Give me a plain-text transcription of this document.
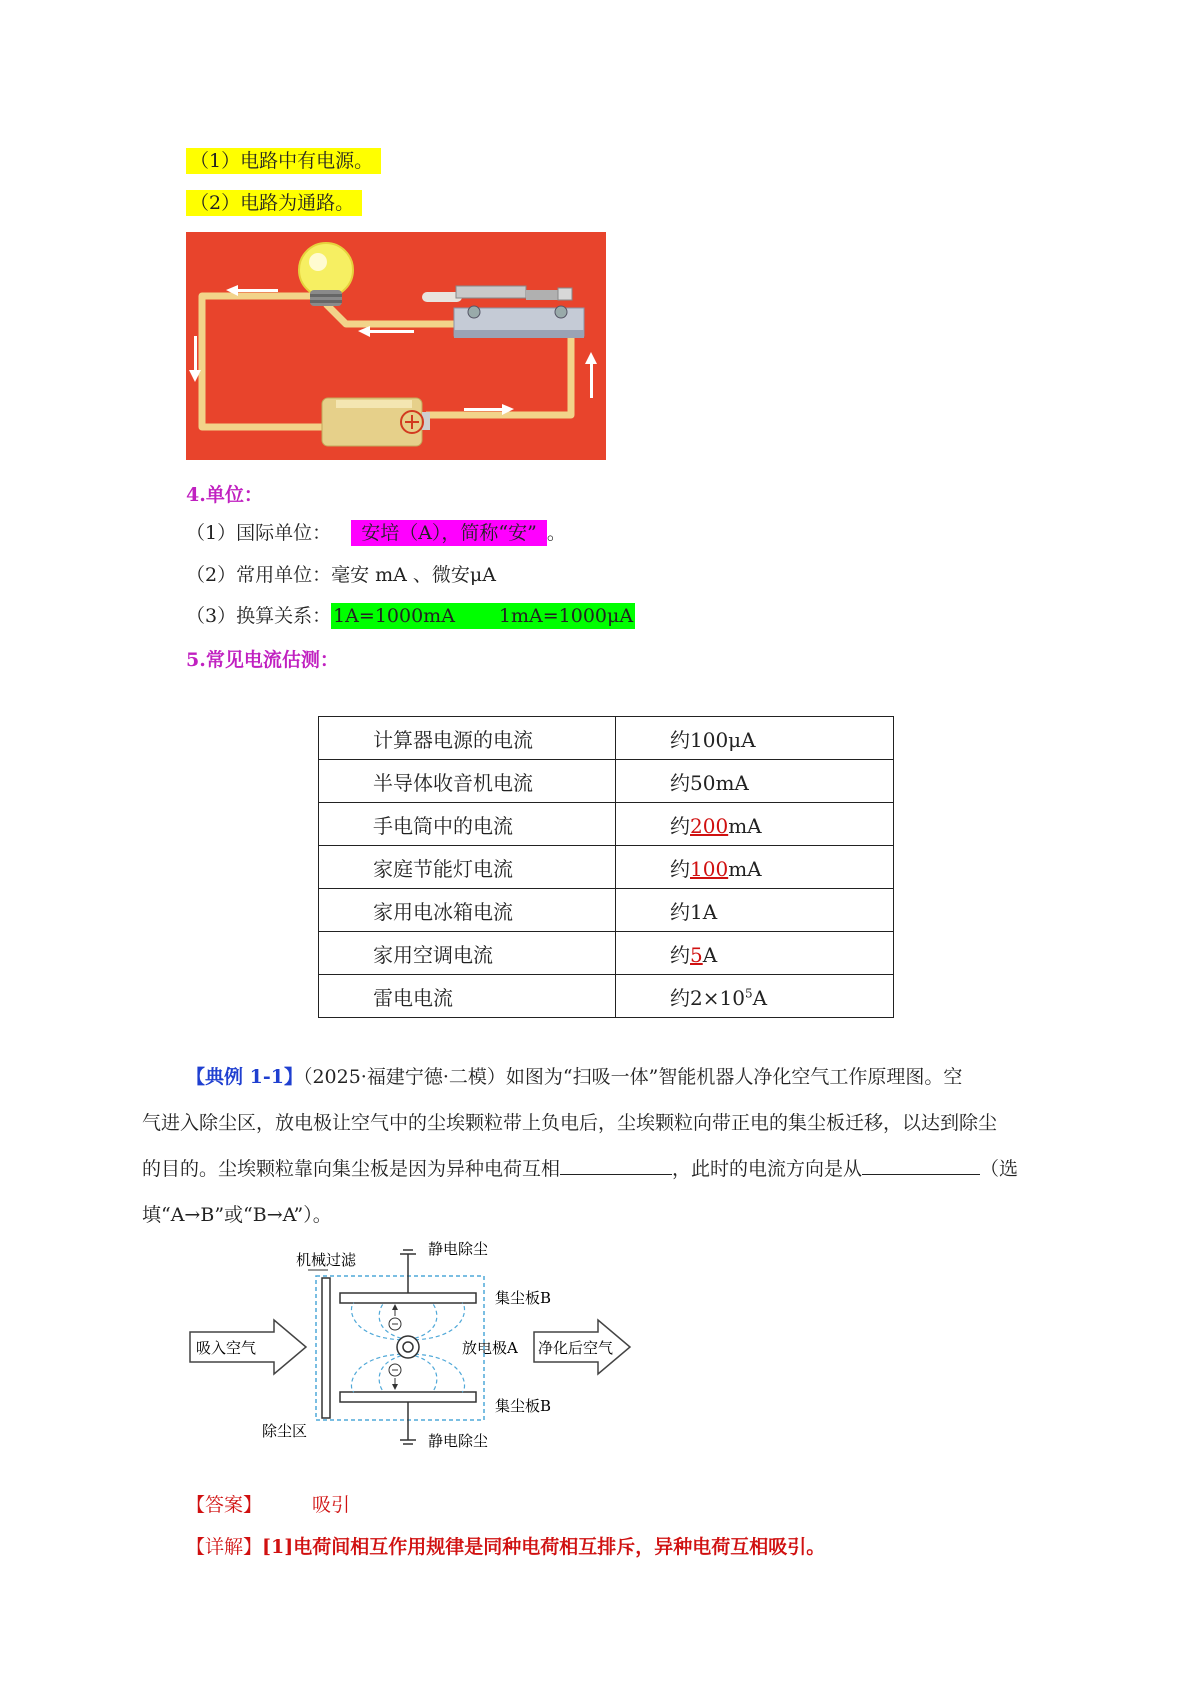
（1）电路中有电源。
（2）电路为通路。
4.单位：
（1）国际单位： 安培（A），简称“安” 。
（2）常用单位：毫安 mA 、微安μA
（3）换算关系： 1A=1000mA 1mA=1000μA
5.常见电流估测：
计算器电源的电流	约100μA
半导体收音机电流	约50mA
手电筒中的电流	约200mA
家庭节能灯电流	约100mA
家用电冰箱电流	约1A
家用空调电流	约5A
雷电电流	约$2\times 10^5A$
【典例 1-1】（2025·福建宁德·二模）如图为“扫吸一体”智能机器人净化空气工作原理图。空
气进入除尘区，放电极让空气中的尘埃颗粒带上负电后，尘埃颗粒向带正电的集尘板迁移，以达到除尘
的目的。尘埃颗粒靠向集尘板是因为异种电荷互相	，此时的电流方向是从	（选
填“A→B”或“B→A”）。
机械过滤
静电除尘
集尘板B
放电极A
集尘板B
除尘区
静电除尘
吸入空气	净化后空气
【答案】	吸引
【详解】[1]电荷间相互作用规律是同种电荷相互排斥，异种电荷互相吸引。
